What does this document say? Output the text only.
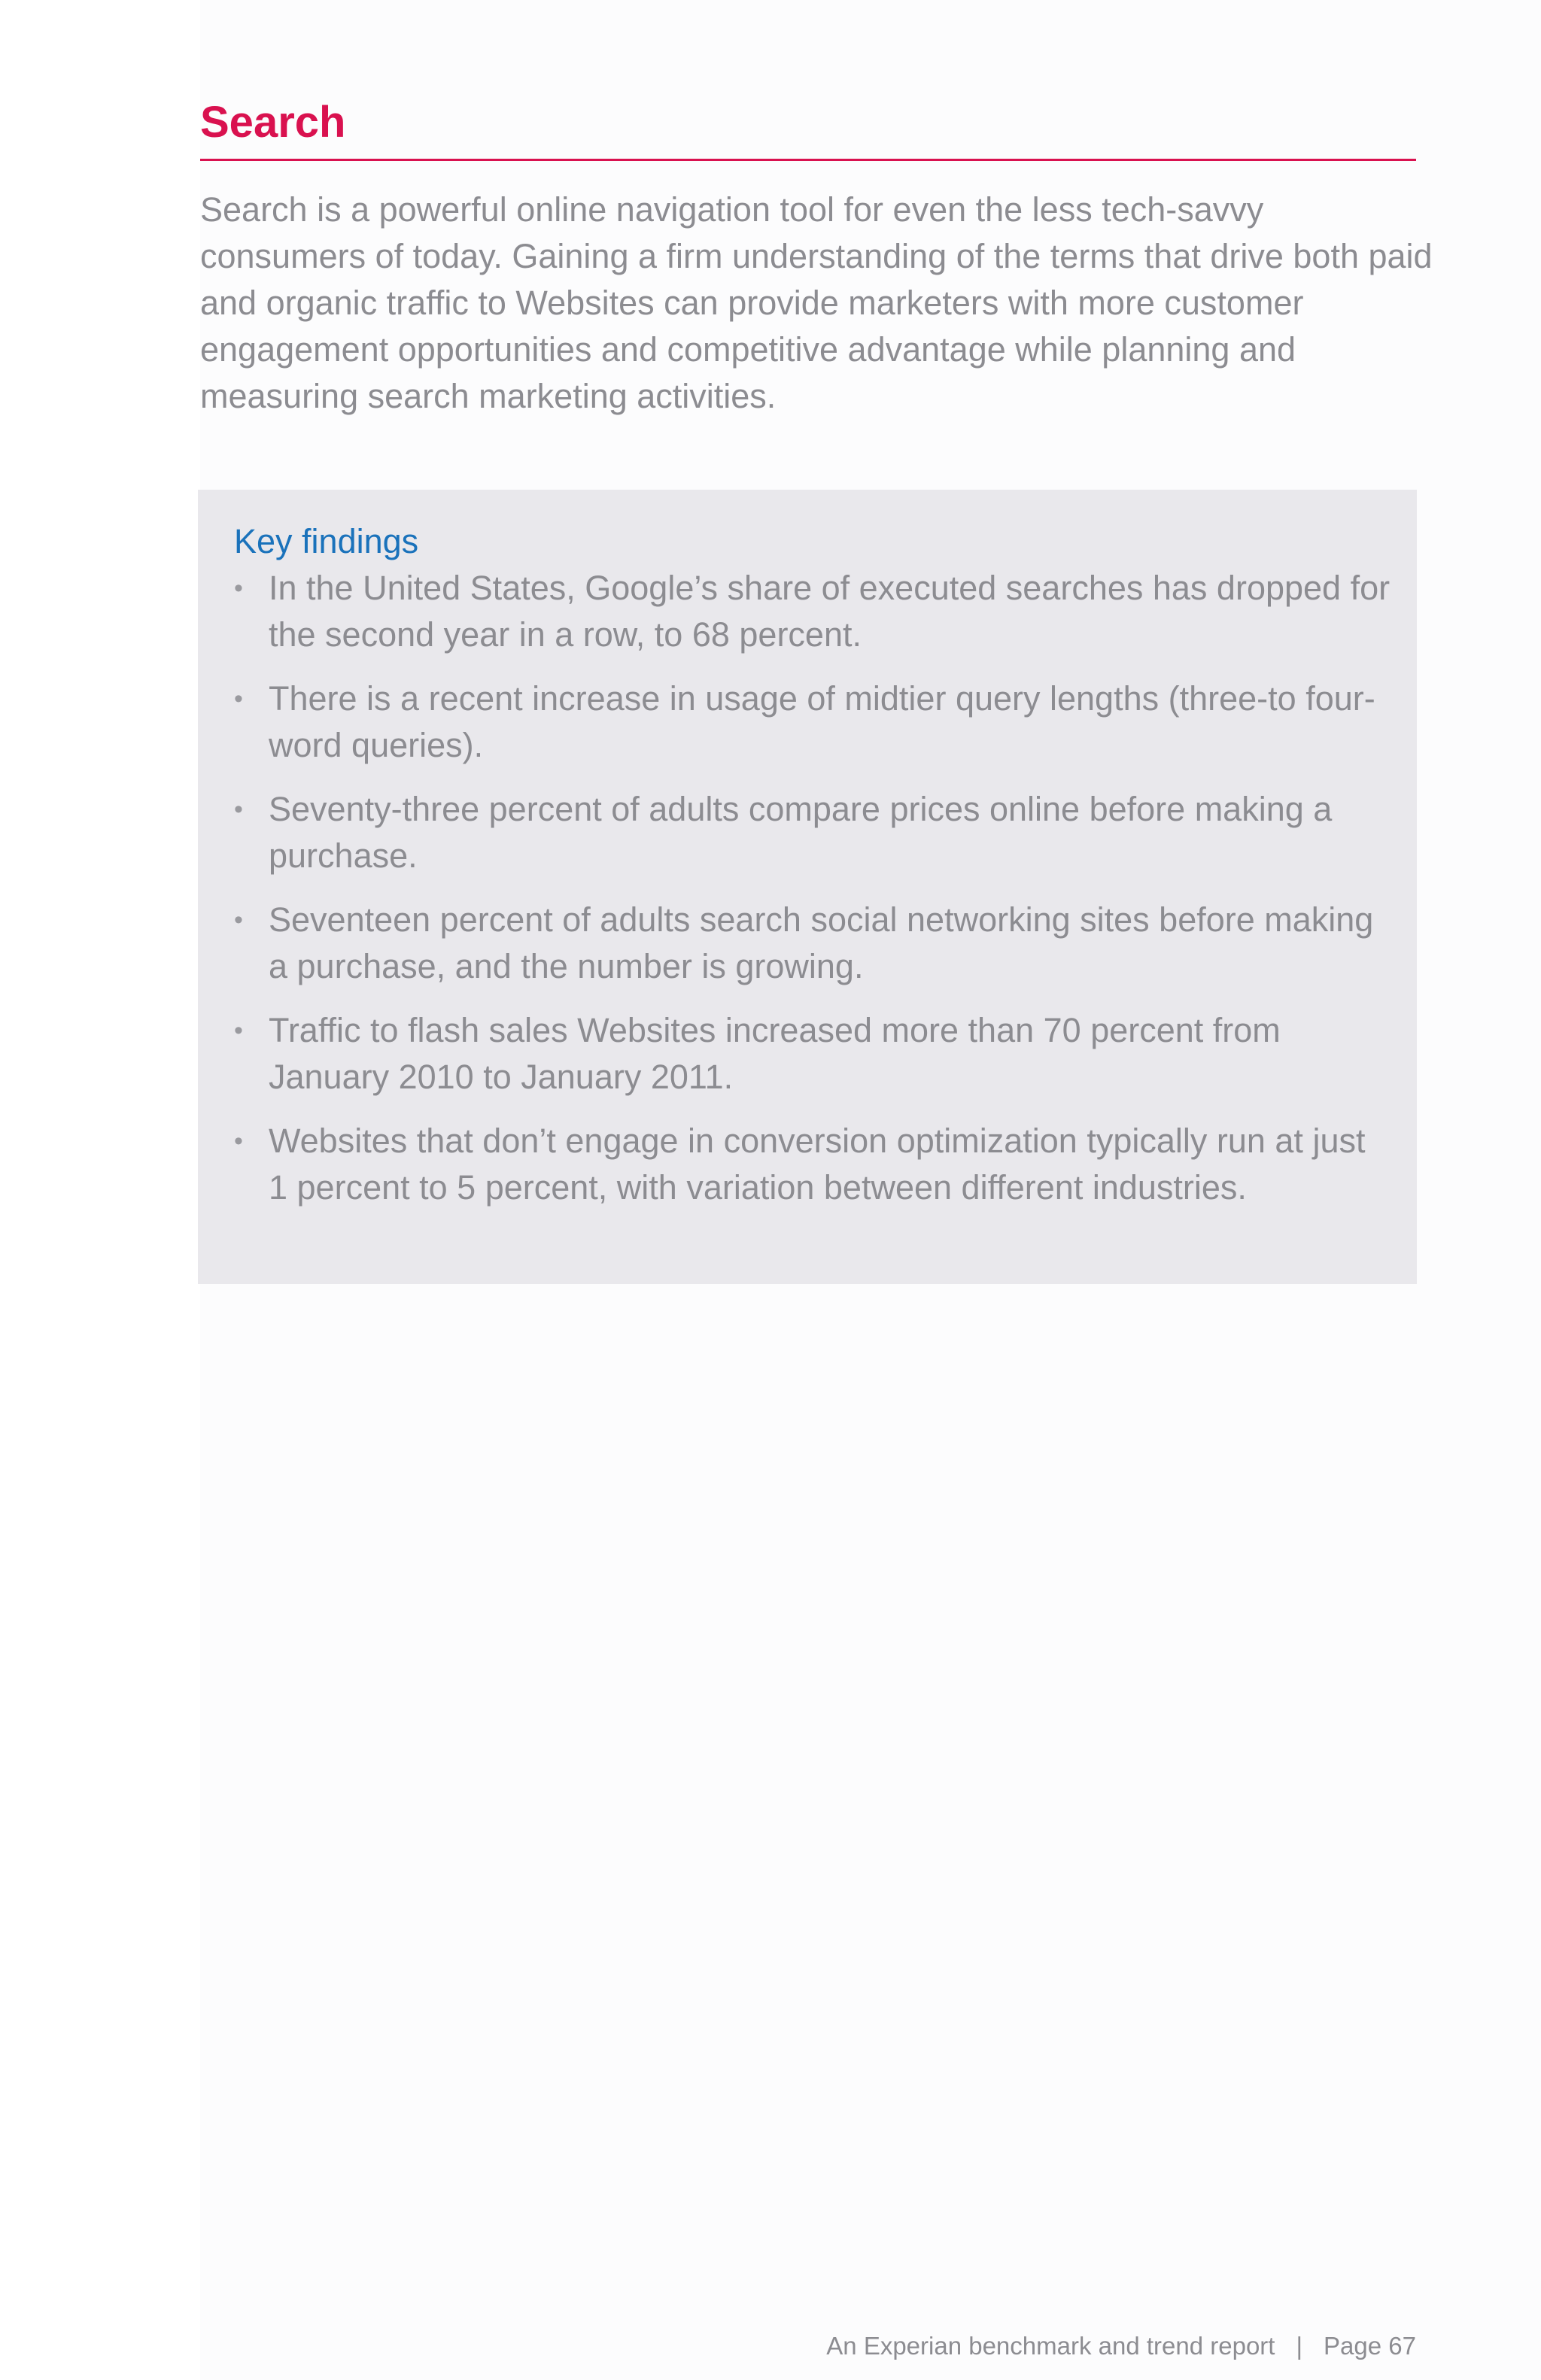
Search

Search is a powerful online navigation tool for even the less tech-savvy consumers of today. Gaining a firm understanding of the terms that drive both paid and organic traffic to Websites can provide marketers with more customer engagement opportunities and competitive advantage while planning and measuring search marketing activities.

Key findings
• In the United States, Google’s share of executed searches has dropped for the second year in a row, to 68 percent.
• There is a recent increase in usage of midtier query lengths (three-to four-word queries).
• Seventy-three percent of adults compare prices online before making a purchase.
• Seventeen percent of adults search social networking sites before making a purchase, and the number is growing.
• Traffic to flash sales Websites increased more than 70 percent from January 2010 to January 2011.
• Websites that don’t engage in conversion optimization typically run at just 1 percent to 5 percent, with variation between different industries.
An Experian benchmark and trend report | Page 67
